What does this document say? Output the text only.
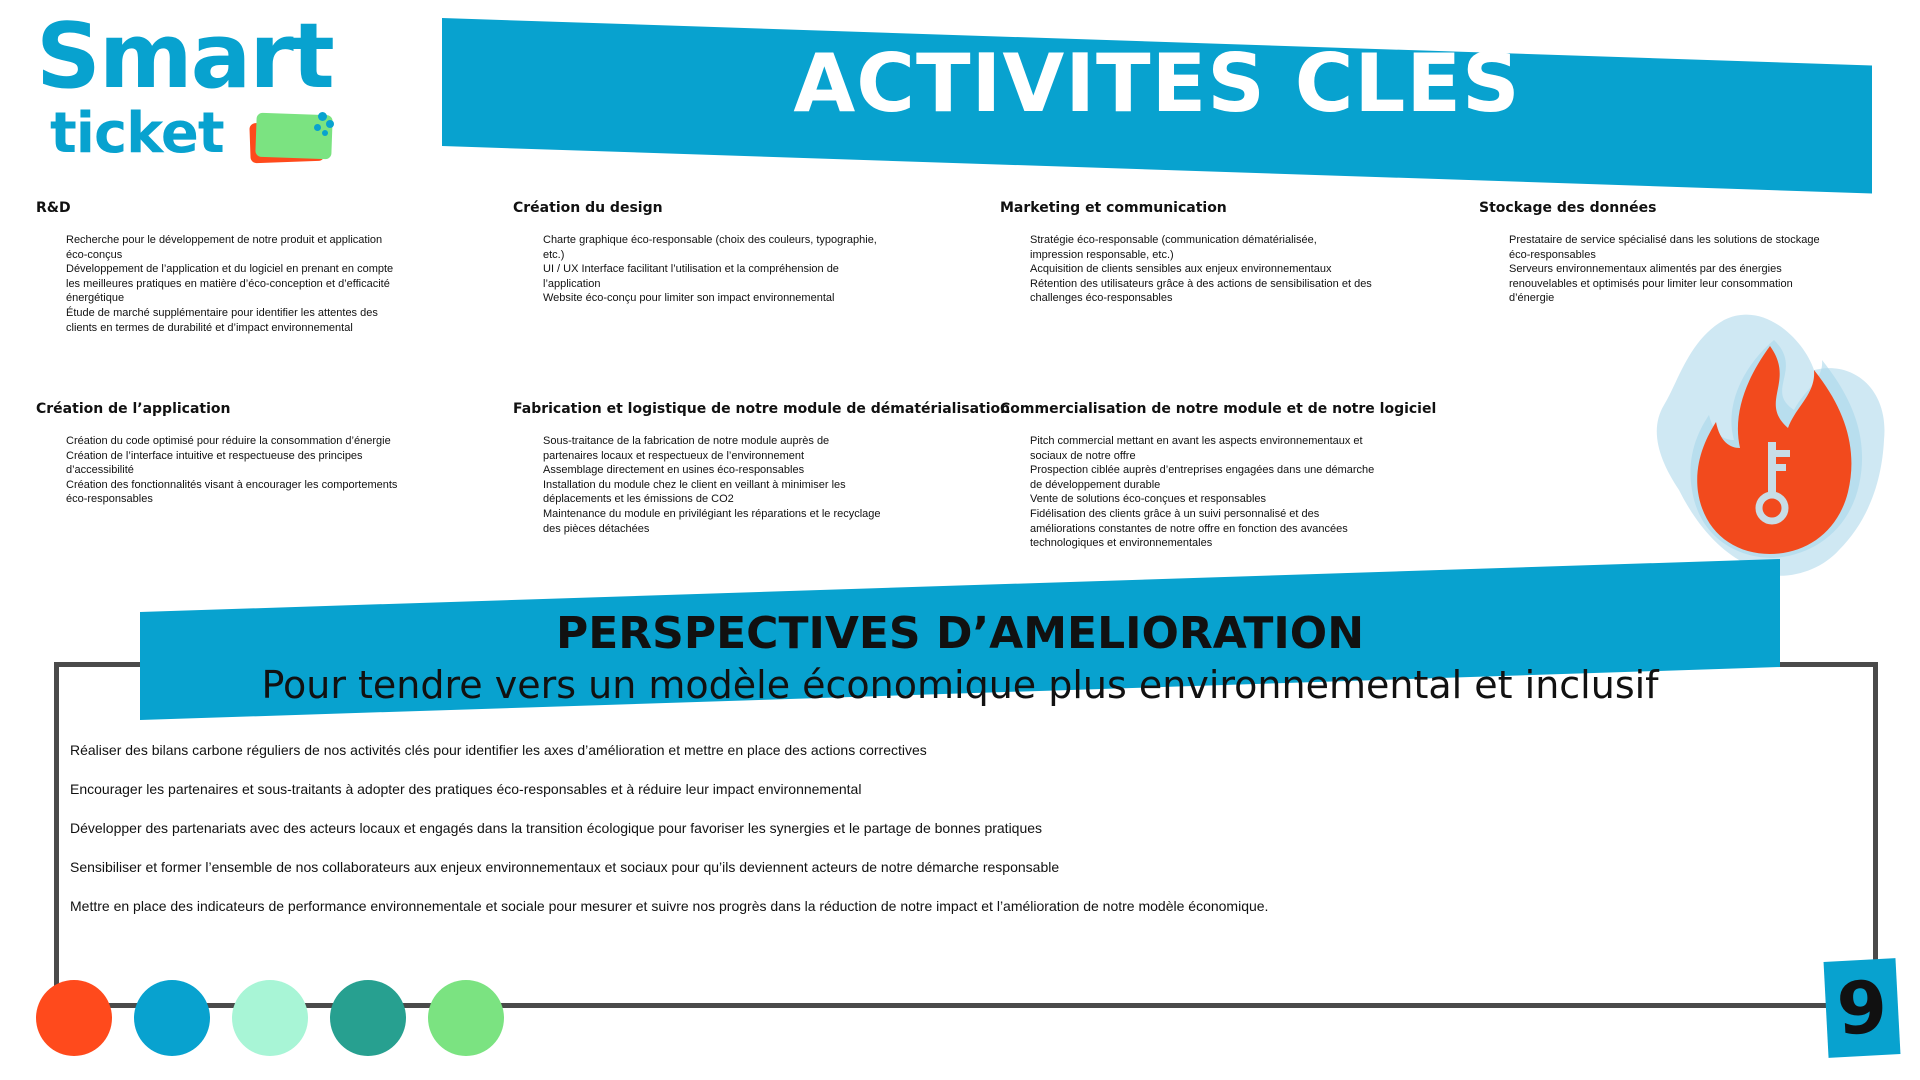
Smart
ticket
ACTIVITES CLES
R&D
Recherche pour le développement de notre produit et application
éco-conçus
Développement de l’application et du logiciel en prenant en compte
les meilleures pratiques en matière d’éco-conception et d’efficacité
énergétique
Étude de marché supplémentaire pour identifier les attentes des
clients en termes de durabilité et d’impact environnemental
Création du design
Charte graphique éco-responsable (choix des couleurs, typographie,
etc.)
UI / UX Interface facilitant l’utilisation et la compréhension de
l’application
Website éco-conçu pour limiter son impact environnemental
Marketing et communication
Stratégie éco-responsable (communication dématérialisée,
impression responsable, etc.)
Acquisition de clients sensibles aux enjeux environnementaux
Rétention des utilisateurs grâce à des actions de sensibilisation et des
challenges éco-responsables
Stockage des données
Prestataire de service spécialisé dans les solutions de stockage
éco-responsables
Serveurs environnementaux alimentés par des énergies
renouvelables et optimisés pour limiter leur consommation
d’énergie
Création de l’application
Création du code optimisé pour réduire la consommation d’énergie
Création de l’interface intuitive et respectueuse des principes
d’accessibilité
Création des fonctionnalités visant à encourager les comportements
éco-responsables
Fabrication et logistique de notre module de dématérialisation
Sous-traitance de la fabrication de notre module auprès de
partenaires locaux et respectueux de l’environnement
Assemblage directement en usines éco-responsables
Installation du module chez le client en veillant à minimiser les
déplacements et les émissions de CO2
Maintenance du module en privilégiant les réparations et le recyclage
des pièces détachées
Commercialisation de notre module et de notre logiciel
Pitch commercial mettant en avant les aspects environnementaux et
sociaux de notre offre
Prospection ciblée auprès d’entreprises engagées dans une démarche
de développement durable
Vente de solutions éco-conçues et responsables
Fidélisation des clients grâce à un suivi personnalisé et des
améliorations constantes de notre offre en fonction des avancées
technologiques et environnementales
PERSPECTIVES D’AMELIORATION
Pour tendre vers un modèle économique plus environnemental et inclusif
Réaliser des bilans carbone réguliers de nos activités clés pour identifier les axes d’amélioration et mettre en place des actions correctives
Encourager les partenaires et sous-traitants à adopter des pratiques éco-responsables et à réduire leur impact environnemental
Développer des partenariats avec des acteurs locaux et engagés dans la transition écologique pour favoriser les synergies et le partage de bonnes pratiques
Sensibiliser et former l’ensemble de nos collaborateurs aux enjeux environnementaux et sociaux pour qu’ils deviennent acteurs de notre démarche responsable
Mettre en place des indicateurs de performance environnementale et sociale pour mesurer et suivre nos progrès dans la réduction de notre impact et l’amélioration de notre modèle économique.
9
